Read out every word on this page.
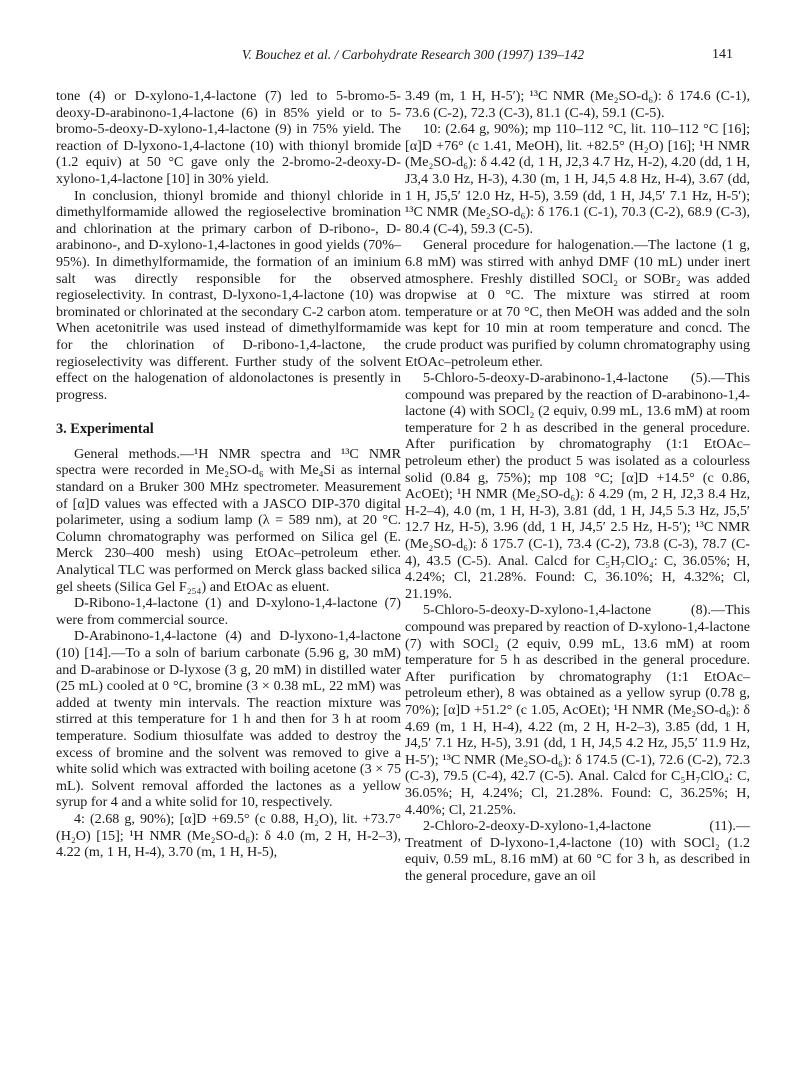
V. Bouchez et al. / Carbohydrate Research 300 (1997) 139–142	141

tone (4) or D-xylono-1,4-lactone (7) led to 5-bromo-5-deoxy-D-arabinono-1,4-lactone (6) in 85% yield or to 5-bromo-5-deoxy-D-xylono-1,4-lactone (9) in 75% yield. The reaction of D-lyxono-1,4-lactone (10) with thionyl bromide (1.2 equiv) at 50 °C gave only the 2-bromo-2-deoxy-D-xylono-1,4-lactone [10] in 30% yield.

In conclusion, thionyl bromide and thionyl chloride in dimethylformamide allowed the regioselective bromination and chlorination at the primary carbon of D-ribono-, D-arabinono-, and D-xylono-1,4-lactones in good yields (70%–95%). In dimethylformamide, the formation of an iminium salt was directly responsible for the observed regioselectivity. In contrast, D-lyxono-1,4-lactone (10) was brominated or chlorinated at the secondary C-2 carbon atom. When acetonitrile was used instead of dimethylformamide for the chlorination of D-ribono-1,4-lactone, the regioselectivity was different. Further study of the solvent effect on the halogenation of aldonolactones is presently in progress.

3. Experimental

General methods.—¹H NMR spectra and ¹³C NMR spectra were recorded in Me₂SO-d₆ with Me₄Si as internal standard on a Bruker 300 MHz spectrometer. Measurement of [α]D values was effected with a JASCO DIP-370 digital polarimeter, using a sodium lamp (λ = 589 nm), at 20 °C. Column chromatography was performed on Silica gel (E. Merck 230–400 mesh) using EtOAc–petroleum ether. Analytical TLC was performed on Merck glass backed silica gel sheets (Silica Gel F₂₅₄) and EtOAc as eluent.

D-Ribono-1,4-lactone (1) and D-xylono-1,4-lactone (7) were from commercial source.

D-Arabinono-1,4-lactone (4) and D-lyxono-1,4-lactone (10) [14].—To a soln of barium carbonate (5.96 g, 30 mM) and D-arabinose or D-lyxose (3 g, 20 mM) in distilled water (25 mL) cooled at 0 °C, bromine (3 × 0.38 mL, 22 mM) was added at twenty min intervals. The reaction mixture was stirred at this temperature for 1 h and then for 3 h at room temperature. Sodium thiosulfate was added to destroy the excess of bromine and the solvent was removed to give a white solid which was extracted with boiling acetone (3 × 75 mL). Solvent removal afforded the lactones as a yellow syrup for 4 and a white solid for 10, respectively.

4: (2.68 g, 90%); [α]D +69.5° (c 0.88, H₂O), lit. +73.7° (H₂O) [15]; ¹H NMR (Me₂SO-d₆): δ 4.0 (m, 2 H, H-2–3), 4.22 (m, 1 H, H-4), 3.70 (m, 1 H, H-5),

3.49 (m, 1 H, H-5′); ¹³C NMR (Me₂SO-d₆): δ 174.6 (C-1), 73.6 (C-2), 72.3 (C-3), 81.1 (C-4), 59.1 (C-5).

10: (2.64 g, 90%); mp 110–112 °C, lit. 110–112 °C [16]; [α]D +76° (c 1.41, MeOH), lit. +82.5° (H₂O) [16]; ¹H NMR (Me₂SO-d₆): δ 4.42 (d, 1 H, J2,3 4.7 Hz, H-2), 4.20 (dd, 1 H, J3,4 3.0 Hz, H-3), 4.30 (m, 1 H, J4,5 4.8 Hz, H-4), 3.67 (dd, 1 H, J5,5′ 12.0 Hz, H-5), 3.59 (dd, 1 H, J4,5′ 7.1 Hz, H-5′); ¹³C NMR (Me₂SO-d₆): δ 176.1 (C-1), 70.3 (C-2), 68.9 (C-3), 80.4 (C-4), 59.3 (C-5).

General procedure for halogenation.—The lactone (1 g, 6.8 mM) was stirred with anhyd DMF (10 mL) under inert atmosphere. Freshly distilled SOCl₂ or SOBr₂ was added dropwise at 0 °C. The mixture was stirred at room temperature or at 70 °C, then MeOH was added and the soln was kept for 10 min at room temperature and concd. The crude product was purified by column chromatography using EtOAc–petroleum ether.

5-Chloro-5-deoxy-D-arabinono-1,4-lactone (5).—This compound was prepared by the reaction of D-arabinono-1,4-lactone (4) with SOCl₂ (2 equiv, 0.99 mL, 13.6 mM) at room temperature for 2 h as described in the general procedure. After purification by chromatography (1:1 EtOAc–petroleum ether) the product 5 was isolated as a colourless solid (0.84 g, 75%); mp 108 °C; [α]D +14.5° (c 0.86, AcOEt); ¹H NMR (Me₂SO-d₆): δ 4.29 (m, 2 H, J2,3 8.4 Hz, H-2–4), 4.0 (m, 1 H, H-3), 3.81 (dd, 1 H, J4,5 5.3 Hz, J5,5′ 12.7 Hz, H-5), 3.96 (dd, 1 H, J4,5′ 2.5 Hz, H-5′); ¹³C NMR (Me₂SO-d₆): δ 175.7 (C-1), 73.4 (C-2), 73.8 (C-3), 78.7 (C-4), 43.5 (C-5). Anal. Calcd for C₅H₇ClO₄: C, 36.05%; H, 4.24%; Cl, 21.28%. Found: C, 36.10%; H, 4.32%; Cl, 21.19%.

5-Chloro-5-deoxy-D-xylono-1,4-lactone (8).—This compound was prepared by reaction of D-xylono-1,4-lactone (7) with SOCl₂ (2 equiv, 0.99 mL, 13.6 mM) at room temperature for 5 h as described in the general procedure. After purification by chromatography (1:1 EtOAc–petroleum ether), 8 was obtained as a yellow syrup (0.78 g, 70%); [α]D +51.2° (c 1.05, AcOEt); ¹H NMR (Me₂SO-d₆): δ 4.69 (m, 1 H, H-4), 4.22 (m, 2 H, H-2–3), 3.85 (dd, 1 H, J4,5′ 7.1 Hz, H-5), 3.91 (dd, 1 H, J4,5 4.2 Hz, J5,5′ 11.9 Hz, H-5′); ¹³C NMR (Me₂SO-d₆): δ 174.5 (C-1), 72.6 (C-2), 72.3 (C-3), 79.5 (C-4), 42.7 (C-5). Anal. Calcd for C₅H₇ClO₄: C, 36.05%; H, 4.24%; Cl, 21.28%. Found: C, 36.25%; H, 4.40%; Cl, 21.25%.

2-Chloro-2-deoxy-D-xylono-1,4-lactone (11).—Treatment of D-lyxono-1,4-lactone (10) with SOCl₂ (1.2 equiv, 0.59 mL, 8.16 mM) at 60 °C for 3 h, as described in the general procedure, gave an oil
